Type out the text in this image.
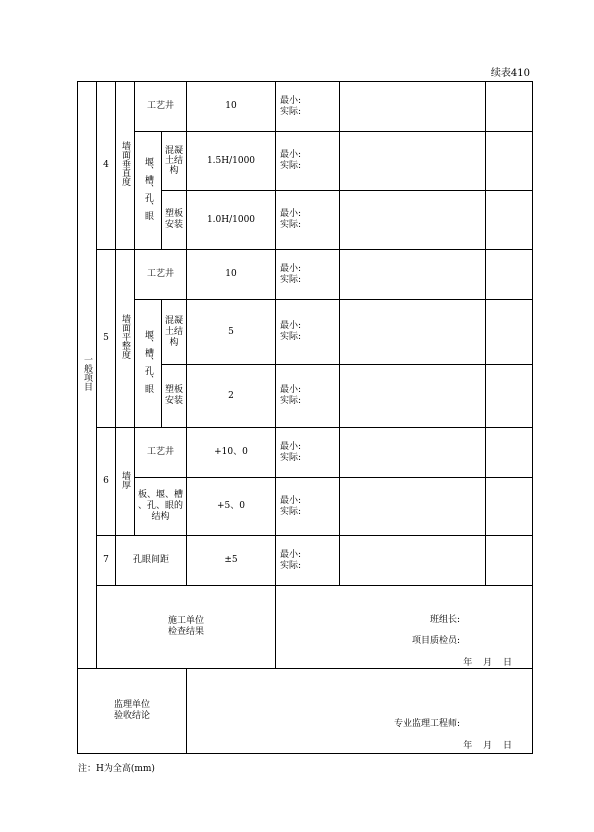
续表410
一般项目	4	墙面垂直度	工艺井		10	最小:
实际:		

			堰、槽、孔、眼	混凝土结构	1.5H/1000	最小:
实际:		

				塑板安装	1.0H/1000	最小:
实际:		

	5	墙面平整度	工艺井		10	最小:
实际:		

			堰、槽、孔、眼	混凝土结构	5	最小:
实际:		

				塑板安装	2	最小:
实际:		

	6	墙厚	工艺井		+10、0	最小:
实际:		

			板、堰、槽
、孔、眼的
结构		+5、0	最小:
实际:		

	7	孔眼间距			±5	最小:
实际:		

	施工单位
检查结果					班组长:
项目质检员:
年 月 日		

监理单位
验收结论					专业监理工程师:
年 月 日			
注：H为全高(mm)
